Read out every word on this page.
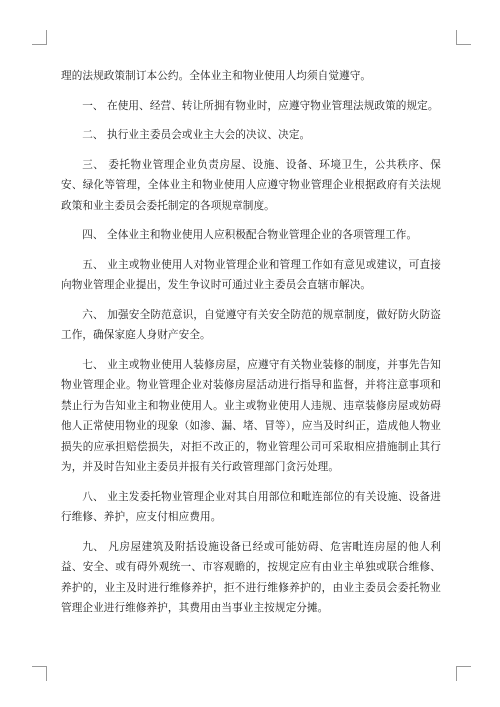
理的法规政策制订本公约。全体业主和物业使用人均须自觉遵守。

一、 在使用、经营、转让所拥有物业时，应遵守物业管理法规政策的规定。

二、 执行业主委员会或业主大会的决议、决定。

三、 委托物业管理企业负责房屋、设施、设备、环境卫生，公共秩序、保安、绿化等管理，全体业主和物业使用人应遵守物业管理企业根据政府有关法规政策和业主委员会委托制定的各项规章制度。

四、 全体业主和物业使用人应积极配合物业管理企业的各项管理工作。

五、 业主或物业使用人对物业管理企业和管理工作如有意见或建议，可直接向物业管理企业提出，发生争议时可通过业主委员会直辖市解决。

六、 加强安全防范意识，自觉遵守有关安全防范的规章制度，做好防火防盗工作，确保家庭人身财产安全。

七、 业主或物业使用人装修房屋，应遵守有关物业装修的制度，并事先告知物业管理企业。物业管理企业对装修房屋活动进行指导和监督，并将注意事项和禁止行为告知业主和物业使用人。业主或物业使用人违规、违章装修房屋或妨碍他人正常使用物业的现象（如渗、漏、堵、冒等），应当及时纠正，造成他人物业损失的应承担赔偿损失，对拒不改正的，物业管理公司可采取相应措施制止其行为，并及时告知业主委员并报有关行政管理部门贪污处理。

八、 业主发委托物业管理企业对其自用部位和毗连部位的有关设施、设备进行维修、养护，应支付相应费用。

九、 凡房屋建筑及附括设施设备已经或可能妨碍、危害毗连房屋的他人利益、安全、或有碍外观统一、市容观瞻的，按规定应有由业主单独或联合维修、养护的，业主及时进行维修养护，拒不进行维修养护的，由业主委员会委托物业管理企业进行维修养护，其费用由当事业主按规定分摊。
